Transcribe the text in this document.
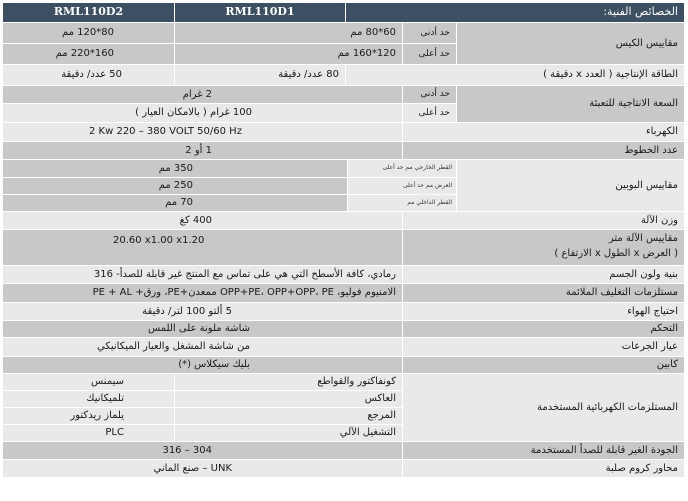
الخصائص الفنية:
RML110D1
RML110D2
مقاييس الكيس
حد أدنى
حد أعلى
60*80 مم
80*120 مم
120*160 مم
160*220 مم
الطاقة الإنتاجية ( العدد x دقيقة )
80 عدد/ دقيقة
50 عدد/ دقيقة
السعة الانتاجية للتعبئة
حد أدنى
حد أعلى
2 غرام
100 غرام ( بالامكان العيار )
الكهرباء
2 Kw 220 – 380 VOLT 50/60 Hz
عدد الخطوط
1 أو 2
مقاييس البوبين
القطر الخارجي مم حد أعلى
العرض مم حد أعلى
القطر الداخلي مم
350 مم
250 مم
70 مم
وزن الآلة
400 كغ
مقاييس الآلة متر
( العرض x الطول x الارتفاع )
20.60 x1.00 x1.20
بنية ولون الجسم
رمادي، كافة الأسطح التي هي على تماس مع المنتج غير قابلة للصدأ- 316
مستلزمات التغليف الملائمة
الامنيوم فوليو، OPP+PE، OPP+OPP، PE ممعدن+PE، ورق+ PE + AL
احتياج الهواء
5 ألتو 100 لتر/ دقيقة
التحكم
شاشة ملونة على اللمس
عيار الجرعات
من شاشة المشغل والعيار الميكانيكي
كابين
بليك سيكلاس (*)
المستلزمات الكهربائية المستخدمة
كونفاكتور والقواطع
سيمنس
العاكس
تلميكانيك
المرجع
يلماز ريدكتور
التشغيل الآلي
PLC
الجودة الغير قابلة للصدأ المستخدمة
304 – 316
محاور كروم صلبة
UNK – صنع الماني
